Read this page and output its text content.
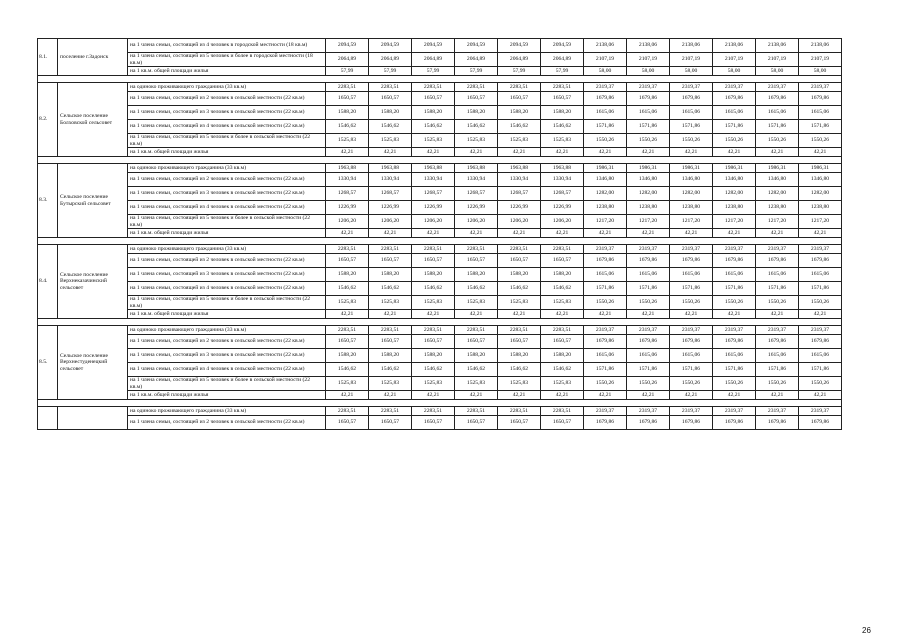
8.1.	поселение г.Задонск	на 1 члена семьи, состоящей из 4 человек в городской местности (18 кв.м)	2094,59	2094,59	2094,59	2094,59	2094,59	2094,59	2138,06	2138,06	2138,06	2138,06	2138,06	2138,06
		на 1 члена семьи, состоящей из 5 человек и более в городской местности (18 кв.м)	2064,89	2064,89	2064,89	2064,89	2064,89	2064,89	2107,19	2107,19	2107,19	2107,19	2107,19	2107,19
		на 1 кв.м. общей площади жилья	57,99	57,99	57,99	57,99	57,99	57,99	58,00	58,00	58,00	58,00	58,00	58,00

8.2.	Сельское поселение Болховской сельсовет	на одиноко проживающего гражданина (33 кв.м)	2283,51	2283,51	2283,51	2283,51	2283,51	2283,51	2319,37	2319,37	2319,37	2319,37	2319,37	2319,37
		на 1 члена семьи, состоящей из 2 человек в сельской местности (22 кв.м)	1650,57	1650,57	1650,57	1650,57	1650,57	1650,57	1679,86	1679,86	1679,86	1679,86	1679,86	1679,86
		на 1 члена семьи, состоящей из 3 человек в сельской местности (22 кв.м)	1588,20	1588,20	1588,20	1588,20	1588,20	1588,20	1615,06	1615,06	1615,06	1615,06	1615,06	1615,06
		на 1 члена семьи, состоящей из 4 человек в сельской местности (22 кв.м)	1546,62	1546,62	1546,62	1546,62	1546,62	1546,62	1571,86	1571,86	1571,86	1571,86	1571,86	1571,86
		на 1 члена семьи, состоящей из 5 человек и более в сельской местности (22 кв.м)	1525,83	1525,83	1525,83	1525,83	1525,83	1525,83	1550,26	1550,26	1550,26	1550,26	1550,26	1550,26
		на 1 кв.м. общей площади жилья	42,21	42,21	42,21	42,21	42,21	42,21	42,21	42,21	42,21	42,21	42,21	42,21

8.3.	Сельское поселение Бутырский сельсовет	на одиноко проживающего гражданина (33 кв.м)	1963,88	1963,88	1963,88	1963,88	1963,88	1963,88	1986,31	1986,31	1986,31	1986,31	1986,31	1986,31
		на 1 члена семьи, состоящей из 2 человек в сельской местности (22 кв.м)	1330,94	1330,94	1330,94	1330,94	1330,94	1330,94	1346,80	1346,80	1346,80	1346,80	1346,80	1346,80
		на 1 члена семьи, состоящей из 3 человек в сельской местности (22 кв.м)	1268,57	1268,57	1268,57	1268,57	1268,57	1268,57	1282,00	1282,00	1282,00	1282,00	1282,00	1282,00
		на 1 члена семьи, состоящей из 4 человек в сельской местности (22 кв.м)	1226,99	1226,99	1226,99	1226,99	1226,99	1226,99	1238,80	1238,80	1238,80	1238,80	1238,80	1238,80
		на 1 члена семьи, состоящей из 5 человек и более в сельской местности (22 кв.м)	1206,20	1206,20	1206,20	1206,20	1206,20	1206,20	1217,20	1217,20	1217,20	1217,20	1217,20	1217,20
		на 1 кв.м. общей площади жилья	42,21	42,21	42,21	42,21	42,21	42,21	42,21	42,21	42,21	42,21	42,21	42,21

8.4.	Сельское поселение Верхнеказачинский сельсовет	на одиноко проживающего гражданина (33 кв.м)	2283,51	2283,51	2283,51	2283,51	2283,51	2283,51	2319,37	2319,37	2319,37	2319,37	2319,37	2319,37
		на 1 члена семьи, состоящей из 2 человек в сельской местности (22 кв.м)	1650,57	1650,57	1650,57	1650,57	1650,57	1650,57	1679,86	1679,86	1679,86	1679,86	1679,86	1679,86
		на 1 члена семьи, состоящей из 3 человек в сельской местности (22 кв.м)	1588,20	1588,20	1588,20	1588,20	1588,20	1588,20	1615,06	1615,06	1615,06	1615,06	1615,06	1615,06
		на 1 члена семьи, состоящей из 4 человек в сельской местности (22 кв.м)	1546,62	1546,62	1546,62	1546,62	1546,62	1546,62	1571,86	1571,86	1571,86	1571,86	1571,86	1571,86
		на 1 члена семьи, состоящей из 5 человек и более в сельской местности (22 кв.м)	1525,83	1525,83	1525,83	1525,83	1525,83	1525,83	1550,26	1550,26	1550,26	1550,26	1550,26	1550,26
		на 1 кв.м. общей площади жилья	42,21	42,21	42,21	42,21	42,21	42,21	42,21	42,21	42,21	42,21	42,21	42,21

8.5.	Сельское поселение Верхнестуденецкий сельсовет	на одиноко проживающего гражданина (33 кв.м)	2283,51	2283,51	2283,51	2283,51	2283,51	2283,51	2319,37	2319,37	2319,37	2319,37	2319,37	2319,37
		на 1 члена семьи, состоящей из 2 человек в сельской местности (22 кв.м)	1650,57	1650,57	1650,57	1650,57	1650,57	1650,57	1679,86	1679,86	1679,86	1679,86	1679,86	1679,86
		на 1 члена семьи, состоящей из 3 человек в сельской местности (22 кв.м)	1588,20	1588,20	1588,20	1588,20	1588,20	1588,20	1615,06	1615,06	1615,06	1615,06	1615,06	1615,06
		на 1 члена семьи, состоящей из 4 человек в сельской местности (22 кв.м)	1546,62	1546,62	1546,62	1546,62	1546,62	1546,62	1571,86	1571,86	1571,86	1571,86	1571,86	1571,86
		на 1 члена семьи, состоящей из 5 человек и более в сельской местности (22 кв.м)	1525,83	1525,83	1525,83	1525,83	1525,83	1525,83	1550,26	1550,26	1550,26	1550,26	1550,26	1550,26
		на 1 кв.м. общей площади жилья	42,21	42,21	42,21	42,21	42,21	42,21	42,21	42,21	42,21	42,21	42,21	42,21

		на одиноко проживающего гражданина (33 кв.м)	2283,51	2283,51	2283,51	2283,51	2283,51	2283,51	2319,37	2319,37	2319,37	2319,37	2319,37	2319,37
		на 1 члена семьи, состоящей из 2 человек в сельской местности (22 кв.м)	1650,57	1650,57	1650,57	1650,57	1650,57	1650,57	1679,86	1679,86	1679,86	1679,86	1679,86	1679,86
26
